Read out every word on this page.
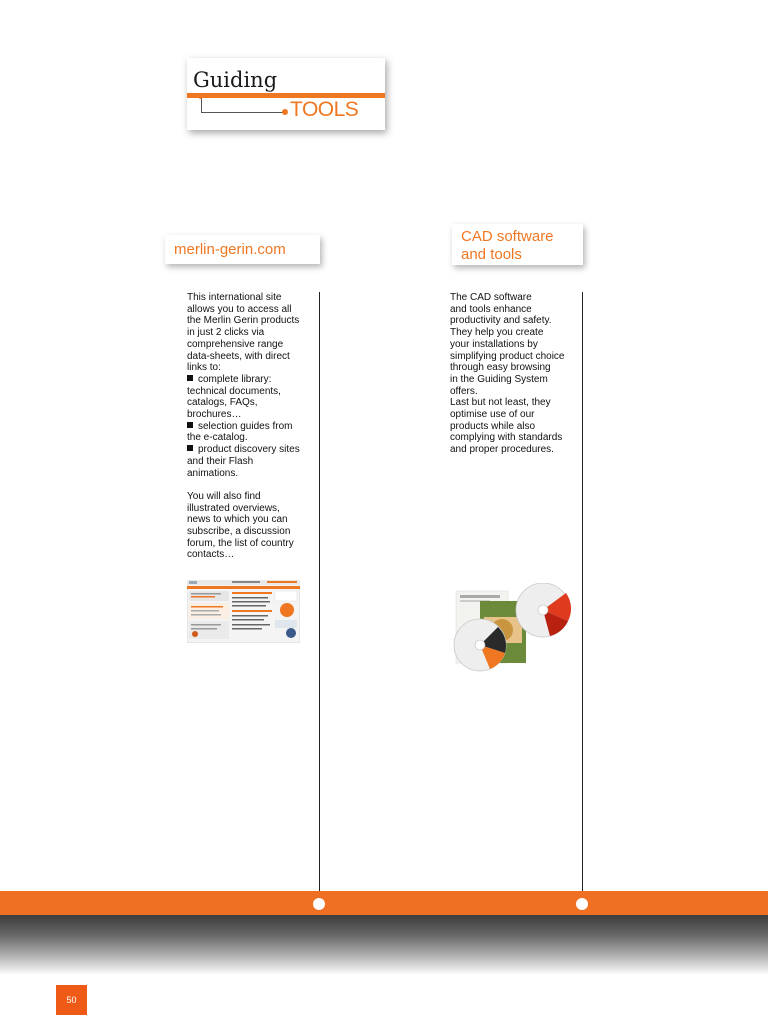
Guiding
TOOLS
merlin-gerin.com
CAD software
and tools

This international site

allows you to access all

the Merlin Gerin products

in just 2 clicks via

comprehensive range

data-sheets, with direct

links to:

complete library:

technical documents,

catalogs, FAQs,

brochures…

selection guides from

the e-catalog.

product discovery sites

and their Flash

animations.

You will also find

illustrated overviews,

news to which you can

subscribe, a discussion

forum, the list of country

contacts…

The CAD software

and tools enhance

productivity and safety.

They help you create

your installations by

simplifying product choice

through easy browsing

in the Guiding System

offers.

Last but not least, they

optimise use of our

products while also

complying with standards

and proper procedures.

50
